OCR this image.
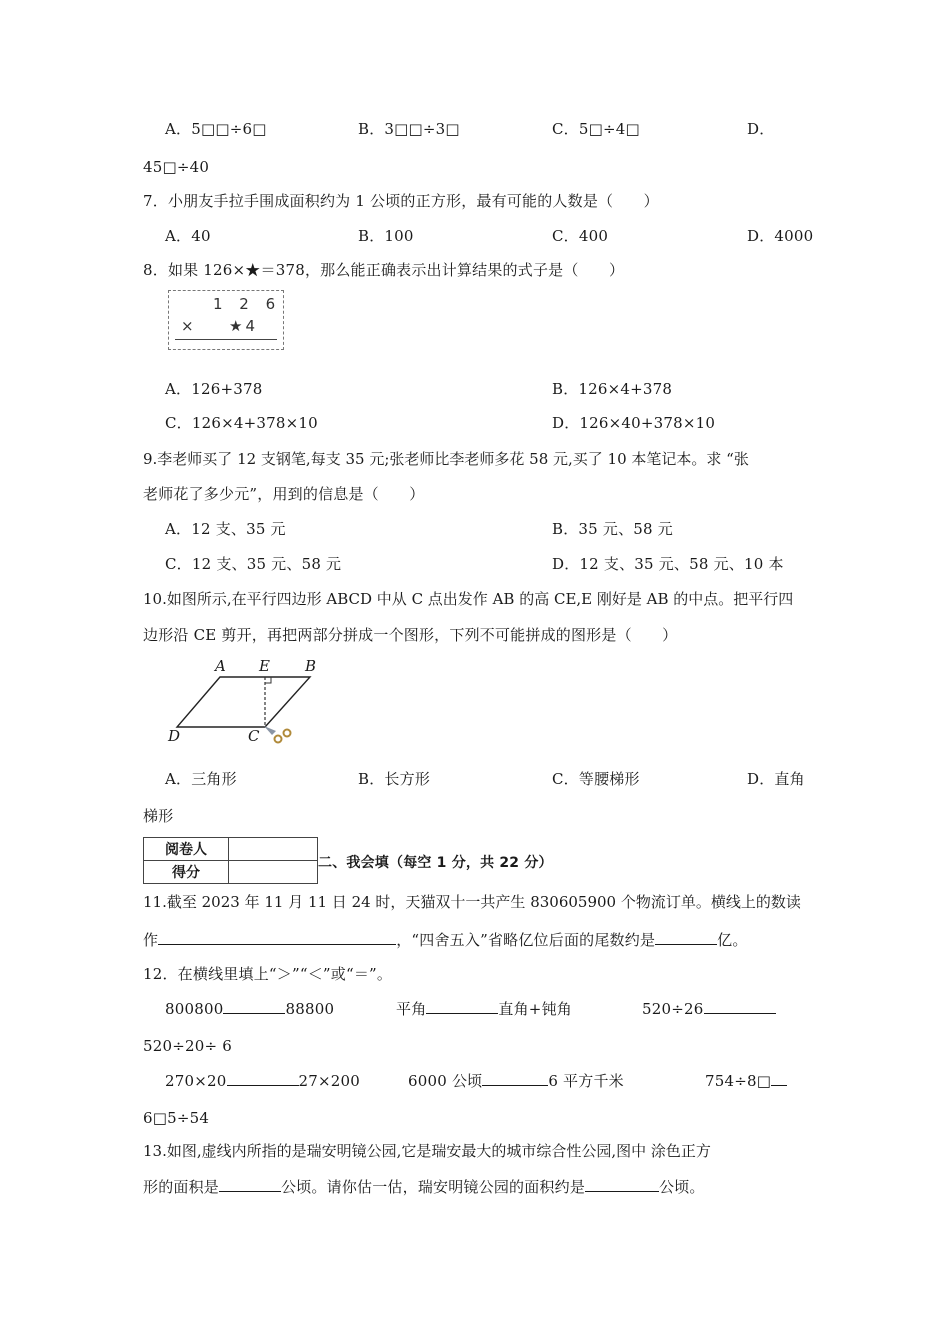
A．5□□÷6□	B．3□□÷3□	C．5□÷4□	D．
45□÷40
7．小朋友手拉手围成面积约为 1 公顷的正方形，最有可能的人数是（　　）
A．40	B．100	C．400	D．4000
8．如果 126×★＝378，那么能正确表示出计算结果的式子是（　　）
1 2 6
× ★4
A．126+378	B．126×4+378
C．126×4+378×10	D．126×40+378×10
9.李老师买了 12 支钢笔,每支 35 元;张老师比李老师多花 58 元,买了 10 本笔记本。求 “张
老师花了多少元”，用到的信息是（　　）
A．12 支、35 元	B．35 元、58 元
C．12 支、35 元、58 元	D．12 支、35 元、58 元、10 本
10.如图所示,在平行四边形 ABCD 中从 C 点出发作 AB 的高 CE,E 刚好是 AB 的中点。把平行四
边形沿 CE 剪开，再把两部分拼成一个图形，下列不可能拼成的图形是（　　）
A E B
D	C
A．三角形	B．长方形	C．等腰梯形	D．直角
梯形
阅卷人	
得分	
二、我会填（每空 1 分，共 22 分）
11.截至 2023 年 11 月 11 日 24 时，天猫双十一共产生 830605900 个物流订单。横线上的数读
作	，“四舍五入”省略亿位后面的尾数约是	亿。
12．在横线里填上“＞”“＜”或“＝”。
800800	88800	平角	直角+钝角	520÷26
520÷20÷ 6
270×20	27×200	6000 公顷	6 平方千米	754÷8□
6□5÷54
13.如图,虚线内所指的是瑞安明镜公园,它是瑞安最大的城市综合性公园,图中 涂色正方
形的面积是	公顷。请你估一估，瑞安明镜公园的面积约是	公顷。
